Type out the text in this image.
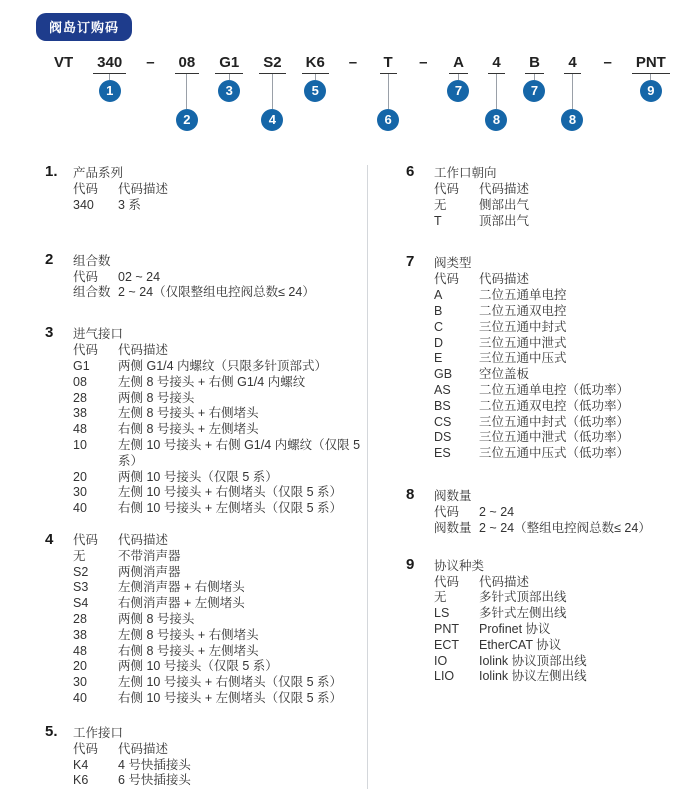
阀岛订购码
VT 340
1
– 08
2
G1
3
S2
4
K6
5
– T
6
– A
7
4
8
B
7
4
8
– PNT
9
1. 产品系列
代码	代码描述
340	3 系
2 组合数
代码	02 ~ 24
组合数 2 ~ 24（仅限整组电控阀总数≤ 24）
3 进气接口
代码	代码描述
G1	两侧 G1/4 内螺纹（只限多针顶部式）
08	左侧 8 号接头 + 右侧 G1/4 内螺纹
28	两侧 8 号接头
38	左侧 8 号接头 + 右侧堵头
48	右侧 8 号接头 + 左侧堵头
10	左侧 10 号接头 + 右侧 G1/4 内螺纹（仅限 5 系）
20	两侧 10 号接头（仅限 5 系）
30	左侧 10 号接头 + 右侧堵头（仅限 5 系）
40	右侧 10 号接头 + 左侧堵头（仅限 5 系）
4 代码	代码描述
无	不带消声器
S2	两侧消声器
S3	左侧消声器 + 右侧堵头
S4	右侧消声器 + 左侧堵头
28	两侧 8 号接头
38	左侧 8 号接头 + 右侧堵头
48	右侧 8 号接头 + 左侧堵头
20	两侧 10 号接头（仅限 5 系）
30	左侧 10 号接头 + 右侧堵头（仅限 5 系）
40	右侧 10 号接头 + 左侧堵头（仅限 5 系）
5. 工作接口
代码	代码描述
K4	4 号快插接头
K6	6 号快插接头
6 工作口朝向
代码	代码描述
无	侧部出气
T	顶部出气
7 阀类型
代码	代码描述
A	二位五通单电控
B	二位五通双电控
C	三位五通中封式
D	三位五通中泄式
E	三位五通中压式
GB	空位盖板
AS	二位五通单电控（低功率）
BS	二位五通双电控（低功率）
CS	三位五通中封式（低功率）
DS	三位五通中泄式（低功率）
ES	三位五通中压式（低功率）
8 阀数量
代码	2 ~ 24
阀数量 2 ~ 24（整组电控阀总数≤ 24）
9 协议种类
代码	代码描述
无	多针式顶部出线
LS	多针式左侧出线
PNT	Profinet 协议
ECT	EtherCAT 协议
IO	Iolink 协议顶部出线
LIO	Iolink 协议左侧出线
